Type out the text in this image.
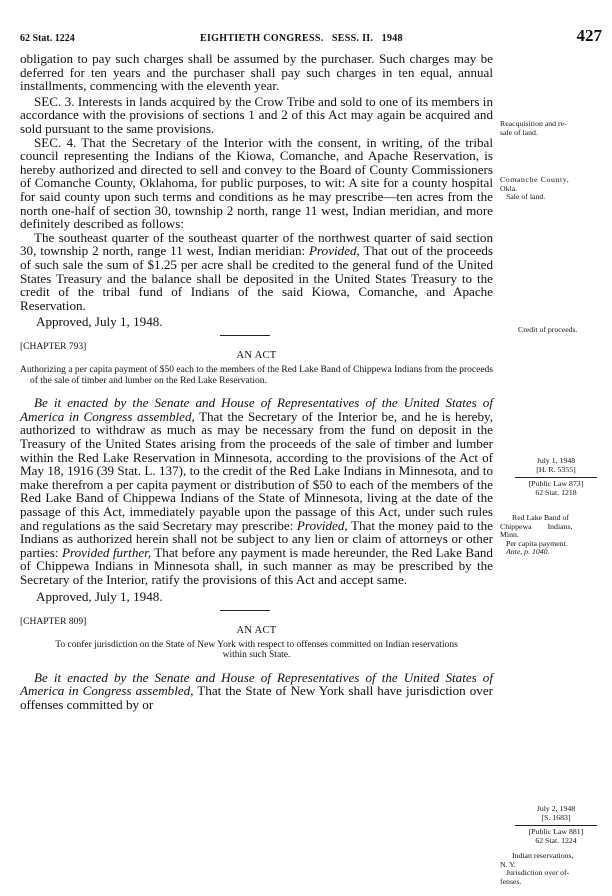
62 Stat. 1224	EIGHTIETH CONGRESS.   SESS. II.   1948	427

obligation to pay such charges shall be assumed by the purchaser. Such charges may be deferred for ten years and the purchaser shall pay such charges in ten equal, annual installments, commencing with the eleventh year.

SEC. 3. Interests in lands acquired by the Crow Tribe and sold to one of its members in accordance with the provisions of sections 1 and 2 of this Act may again be acquired and sold pursuant to the same provisions.

SEC. 4. That the Secretary of the Interior with the consent, in writing, of the tribal council representing the Indians of the Kiowa, Comanche, and Apache Reservation, is hereby authorized and directed to sell and convey to the Board of County Commissioners of Comanche County, Oklahoma, for public purposes, to wit: A site for a county hospital for said county upon such terms and conditions as he may prescribe—ten acres from the north one-half of section 30, township 2 north, range 11 west, Indian meridian, and more definitely described as follows:

The southeast quarter of the southeast quarter of the northwest quarter of said section 30, township 2 north, range 11 west, Indian meridian: Provided, That out of the proceeds of such sale the sum of $1.25 per acre shall be credited to the general fund of the United States Treasury and the balance shall be deposited in the United States Treasury to the credit of the tribal fund of Indians of the said Kiowa, Comanche, and Apache Reservation.

Approved, July 1, 1948.

[CHAPTER 793]

AN ACT

Authorizing a per capita payment of $50 each to the members of the Red Lake Band of Chippewa Indians from the proceeds of the sale of timber and lumber on the Red Lake Reservation.

Be it enacted by the Senate and House of Representatives of the United States of America in Congress assembled, That the Secretary of the Interior be, and he is hereby, authorized to withdraw as much as may be necessary from the fund on deposit in the Treasury of the United States arising from the proceeds of the sale of timber and lumber within the Red Lake Reservation in Minnesota, according to the provisions of the Act of May 18, 1916 (39 Stat. L. 137), to the credit of the Red Lake Indians in Minnesota, and to make therefrom a per capita payment or distribution of $50 to each of the members of the Red Lake Band of Chippewa Indians of the State of Minnesota, living at the date of the passage of this Act, immediately payable upon the passage of this Act, under such rules and regulations as the said Secretary may prescribe: Provided, That the money paid to the Indians as authorized herein shall not be subject to any lien or claim of attorneys or other parties: Provided further, That before any payment is made hereunder, the Red Lake Band of Chippewa Indians in Minnesota shall, in such manner as may be prescribed by the Secretary of the Interior, ratify the provisions of this Act and accept same.

Approved, July 1, 1948.

[CHAPTER 809]

AN ACT

To confer jurisdiction on the State of New York with respect to offenses committed on Indian reservations within such State.

Be it enacted by the Senate and House of Representatives of the United States of America in Congress assembled, That the State of New York shall have jurisdiction over offenses committed by or

Reacquisition and re-
sale of land.
Comanche County,
Okla.
Sale of land.
Credit of proceeds.
July 1, 1948
[H. R. 5355]
[Public Law 873]
62 Stat. 1218
Red Lake Band of
Chippewa Indians,
Minn.
Per capita payment.
Ante, p. 1040.
July 2, 1948
[S. 1683]
[Public Law 881]
62 Stat. 1224
Indian reservations,
N. Y.
Jurisdiction over of-
fenses.
